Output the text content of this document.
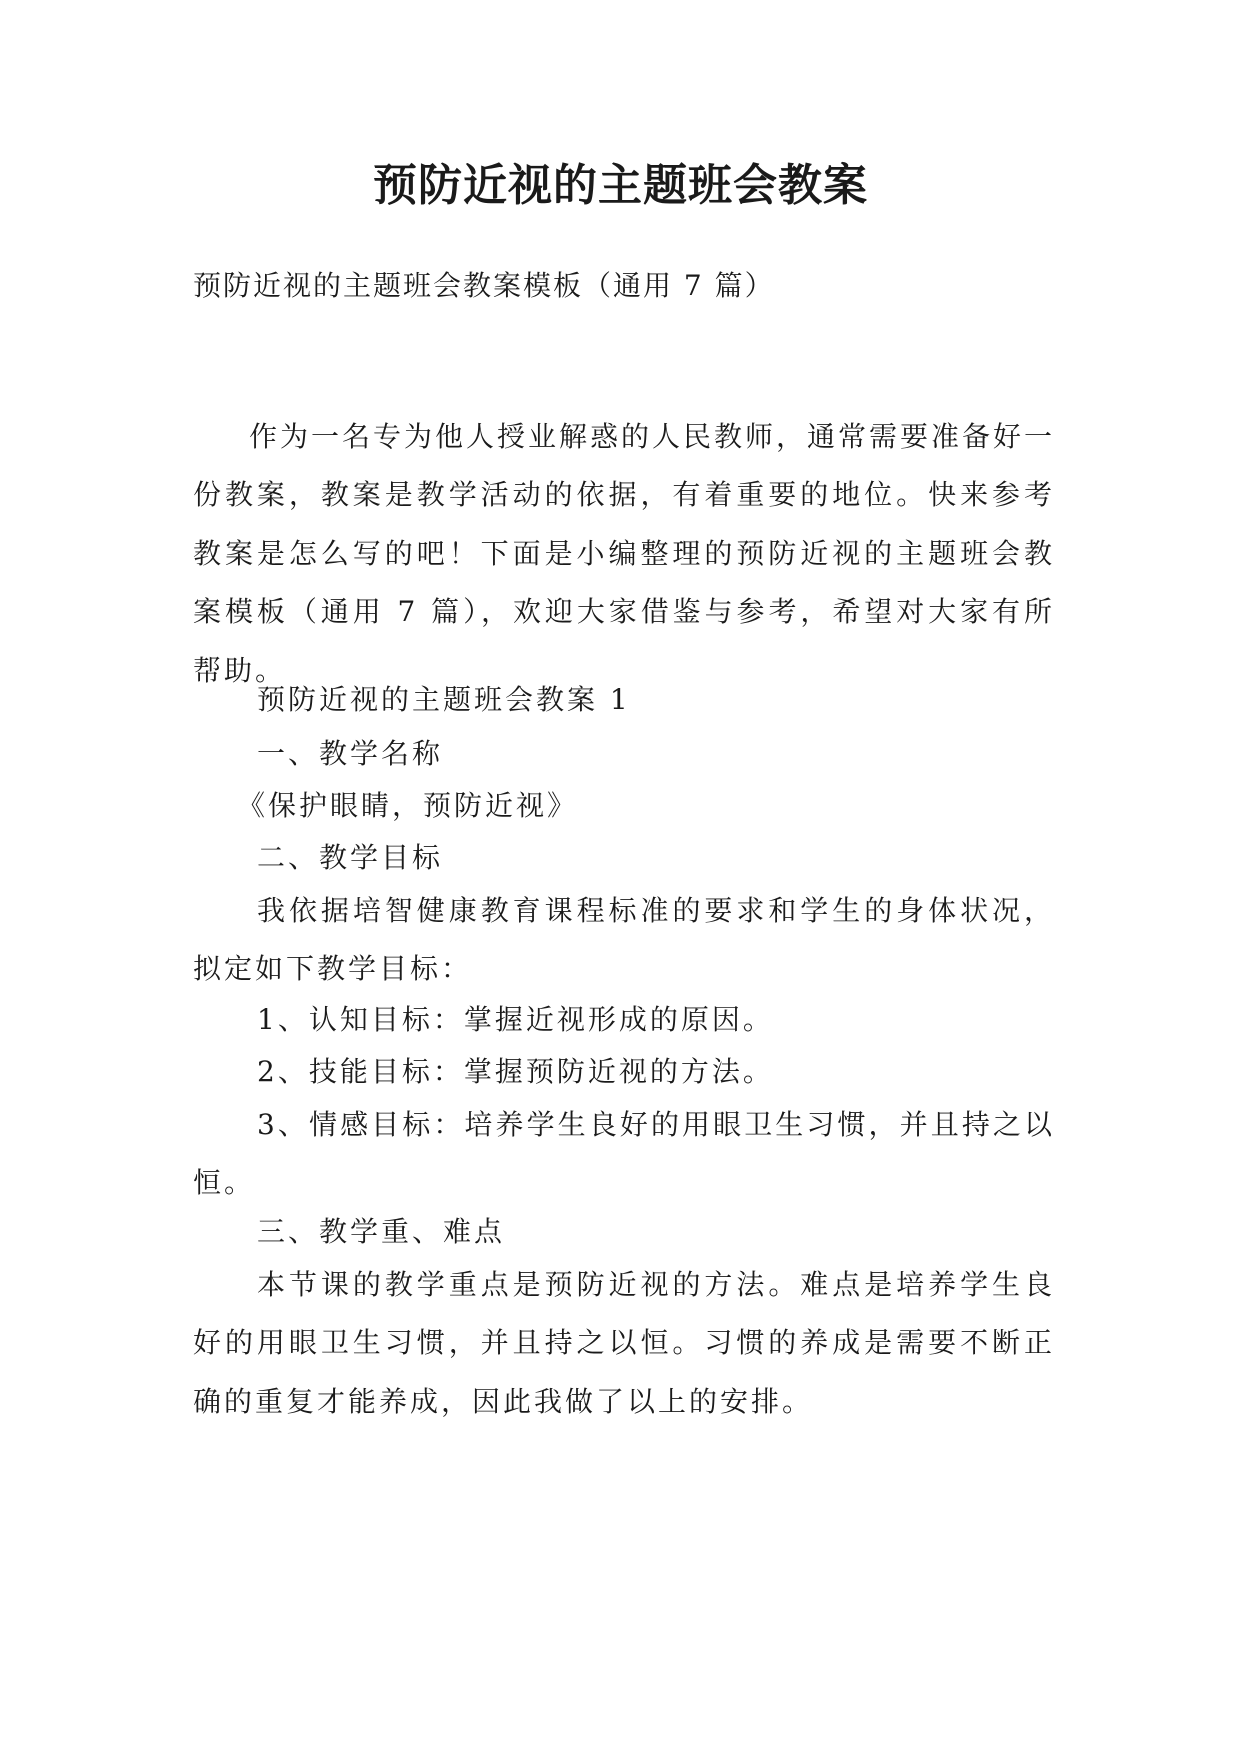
预防近视的主题班会教案
预防近视的主题班会教案模板（通用 7 篇）
作为一名专为他人授业解惑的人民教师，通常需要准备好一份教案，教案是教学活动的依据，有着重要的地位。快来参考教案是怎么写的吧！下面是小编整理的预防近视的主题班会教案模板（通用 7 篇），欢迎大家借鉴与参考，希望对大家有所帮助。
预防近视的主题班会教案 1
一、教学名称
《保护眼睛，预防近视》
二、教学目标
我依据培智健康教育课程标准的要求和学生的身体状况，拟定如下教学目标：
1、认知目标：掌握近视形成的原因。
2、技能目标：掌握预防近视的方法。
3、情感目标：培养学生良好的用眼卫生习惯，并且持之以恒。
三、教学重、难点
本节课的教学重点是预防近视的方法。难点是培养学生良好的用眼卫生习惯，并且持之以恒。习惯的养成是需要不断正确的重复才能养成，因此我做了以上的安排。
